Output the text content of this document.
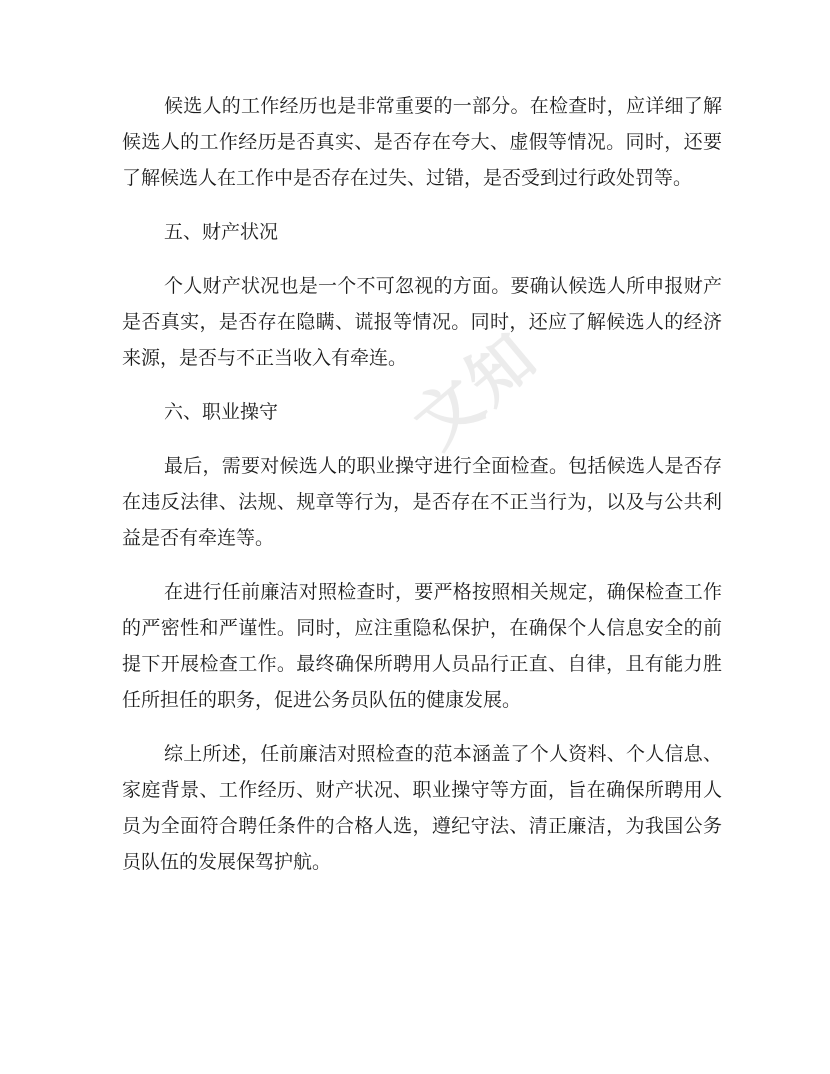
文知

候选人的工作经历也是非常重要的一部分。在检查时，应详细了解候选人的工作经历是否真实、是否存在夸大、虚假等情况。同时，还要了解候选人在工作中是否存在过失、过错，是否受到过行政处罚等。

五、财产状况

个人财产状况也是一个不可忽视的方面。要确认候选人所申报财产是否真实，是否存在隐瞒、谎报等情况。同时，还应了解候选人的经济来源，是否与不正当收入有牵连。

六、职业操守

最后，需要对候选人的职业操守进行全面检查。包括候选人是否存在违反法律、法规、规章等行为，是否存在不正当行为，以及与公共利益是否有牵连等。

在进行任前廉洁对照检查时，要严格按照相关规定，确保检查工作的严密性和严谨性。同时，应注重隐私保护，在确保个人信息安全的前提下开展检查工作。最终确保所聘用人员品行正直、自律，且有能力胜任所担任的职务，促进公务员队伍的健康发展。

综上所述，任前廉洁对照检查的范本涵盖了个人资料、个人信息、家庭背景、工作经历、财产状况、职业操守等方面，旨在确保所聘用人员为全面符合聘任条件的合格人选，遵纪守法、清正廉洁，为我国公务员队伍的发展保驾护航。
